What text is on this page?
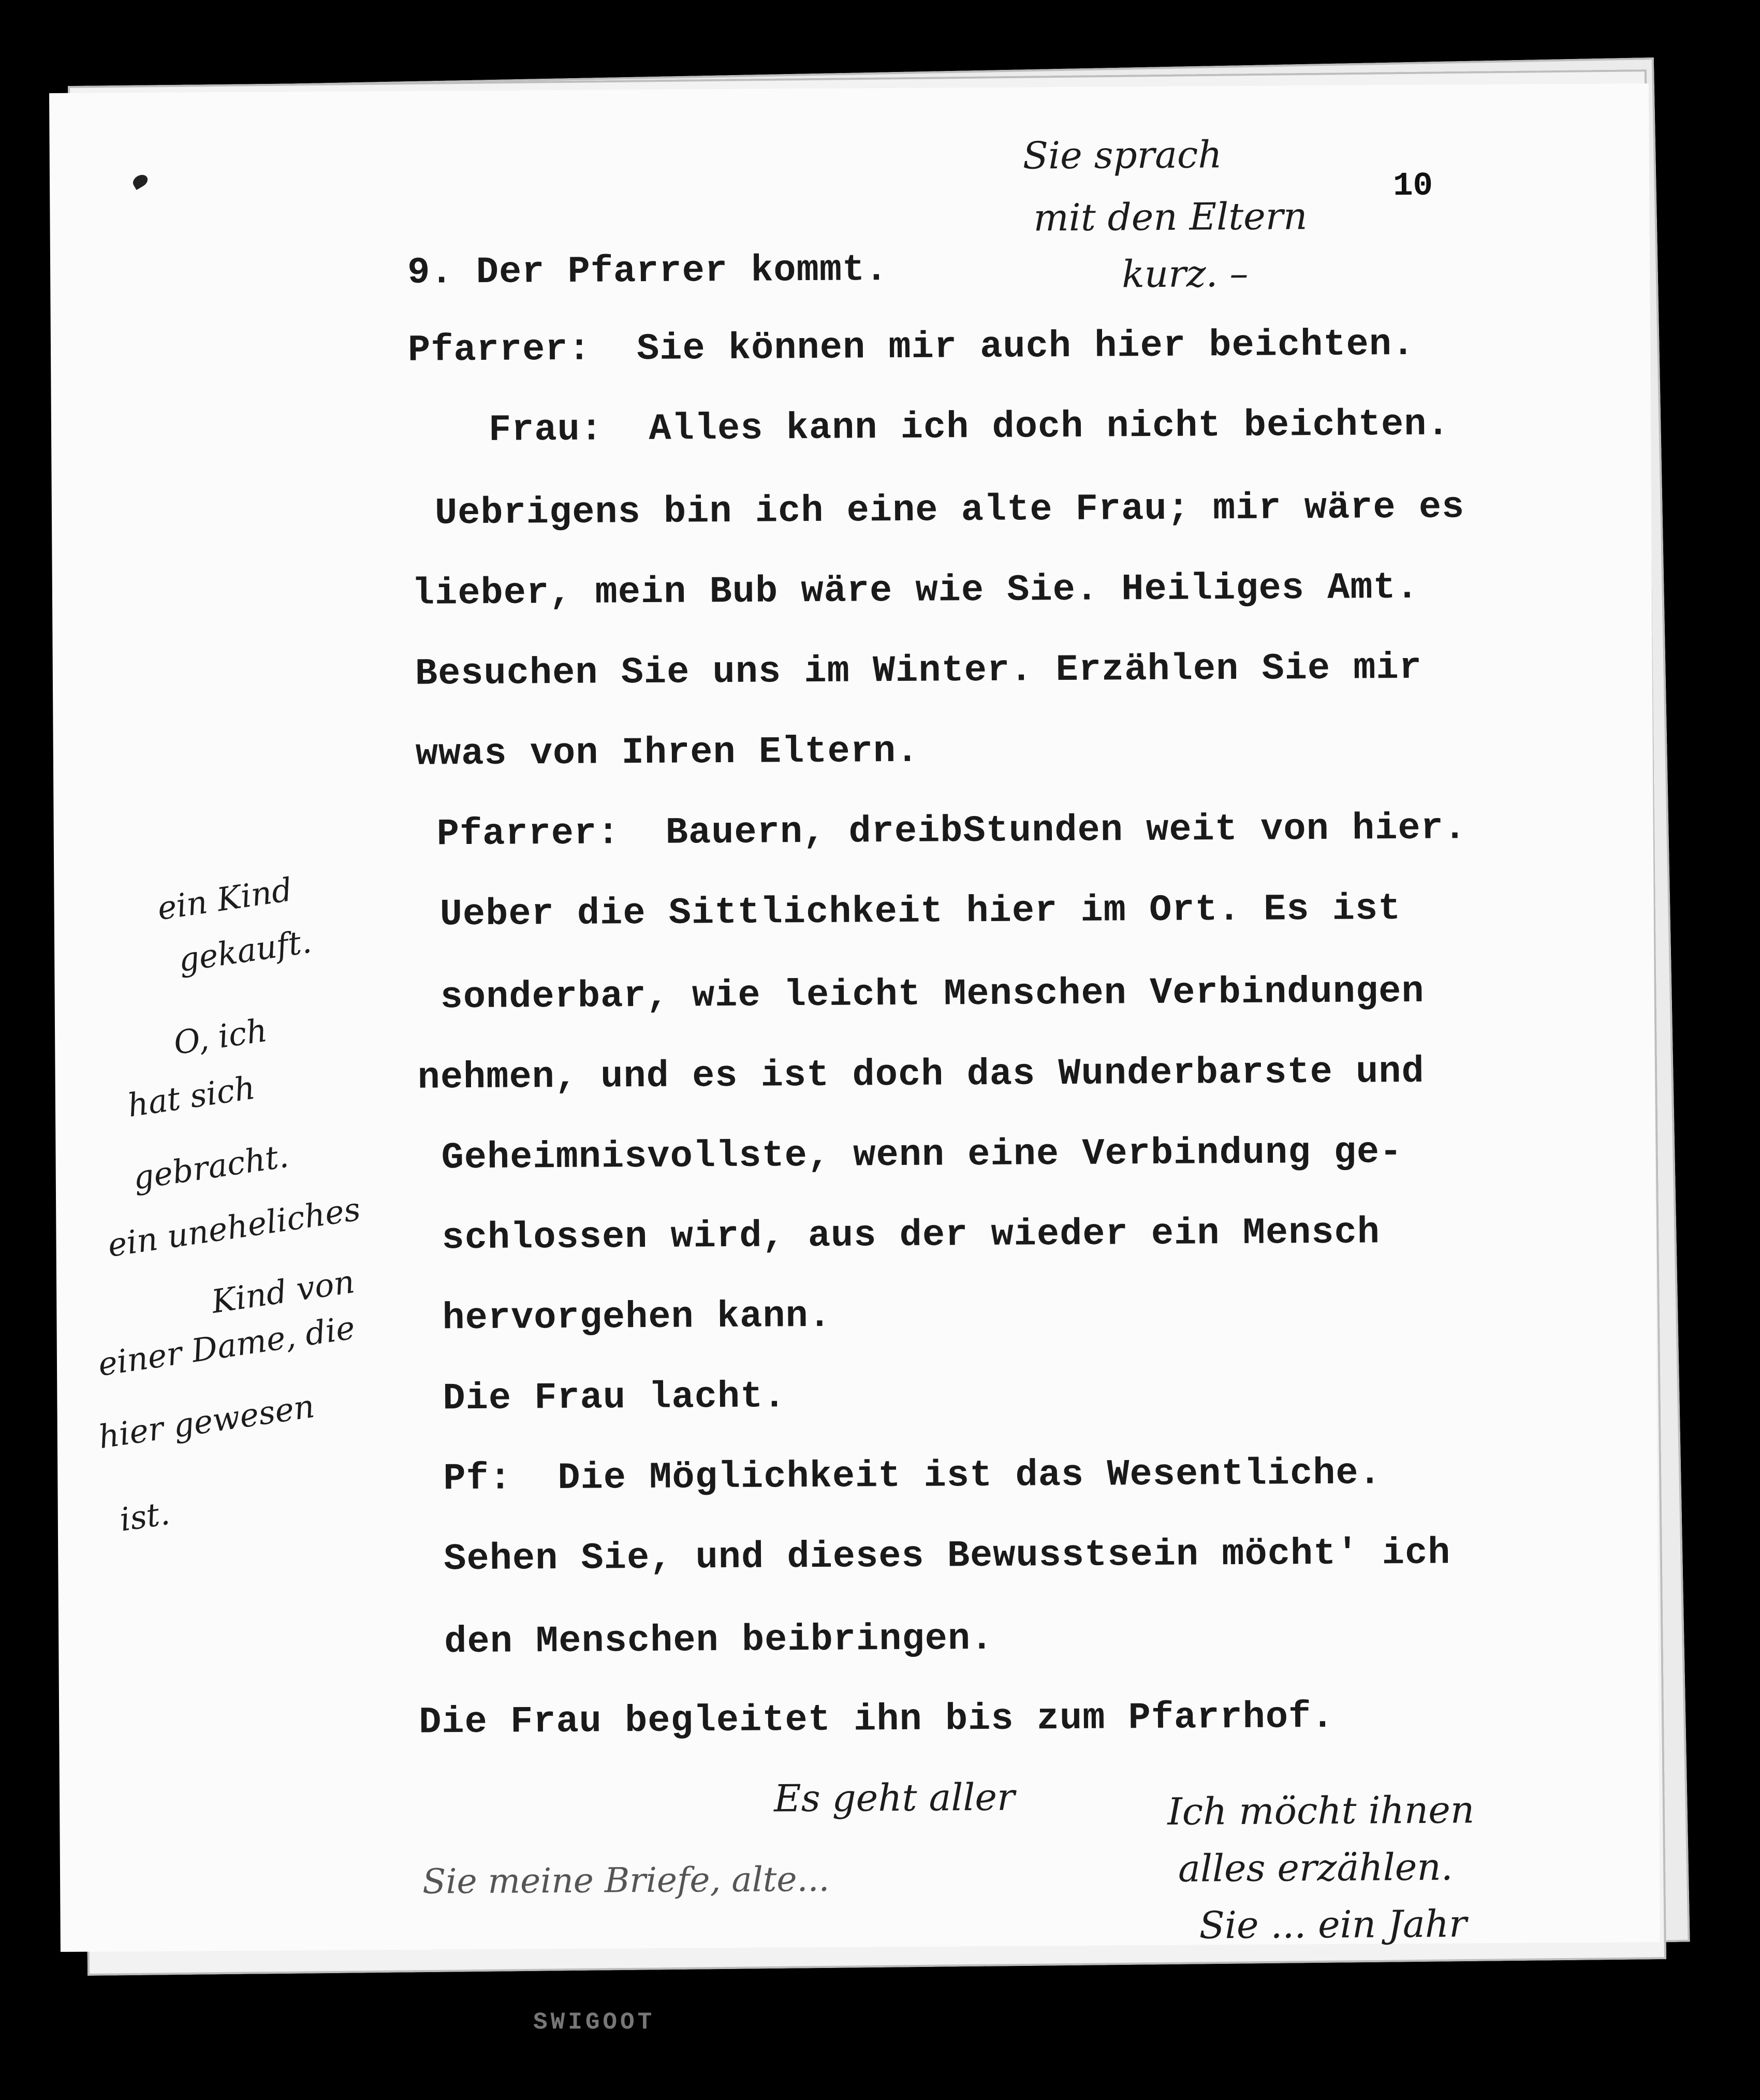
10
Sie sprach
mit den Eltern
kurz. –
9. Der Pfarrer kommt.
Pfarrer:  Sie können mir auch hier beichten.
Frau:  Alles kann ich doch nicht beichten.
Uebrigens bin ich eine alte Frau; mir wäre es
lieber, mein Bub wäre wie Sie. Heiliges Amt.
Besuchen Sie uns im Winter. Erzählen Sie mir
wwas von Ihren Eltern.
Pfarrer:  Bauern, dreibStunden weit von hier.
Ueber die Sittlichkeit hier im Ort. Es ist
sonderbar, wie leicht Menschen Verbindungen
nehmen, und es ist doch das Wunderbarste und
Geheimnisvollste, wenn eine Verbindung ge-
schlossen wird, aus der wieder ein Mensch
hervorgehen kann.
Die Frau lacht.
Pf:  Die Möglichkeit ist das Wesentliche.
Sehen Sie, und dieses Bewusstsein möcht' ich
den Menschen beibringen.
Die Frau begleitet ihn bis zum Pfarrhof.
ein Kind
gekauft.
O, ich
hat sich
gebracht.
ein uneheliches
Kind von
einer Dame, die
hier gewesen
ist.
Es geht aller
Sie meine Briefe, alte...
Ich möcht ihnen
alles erzählen.
Sie ... ein Jahr
SWIGOOT
